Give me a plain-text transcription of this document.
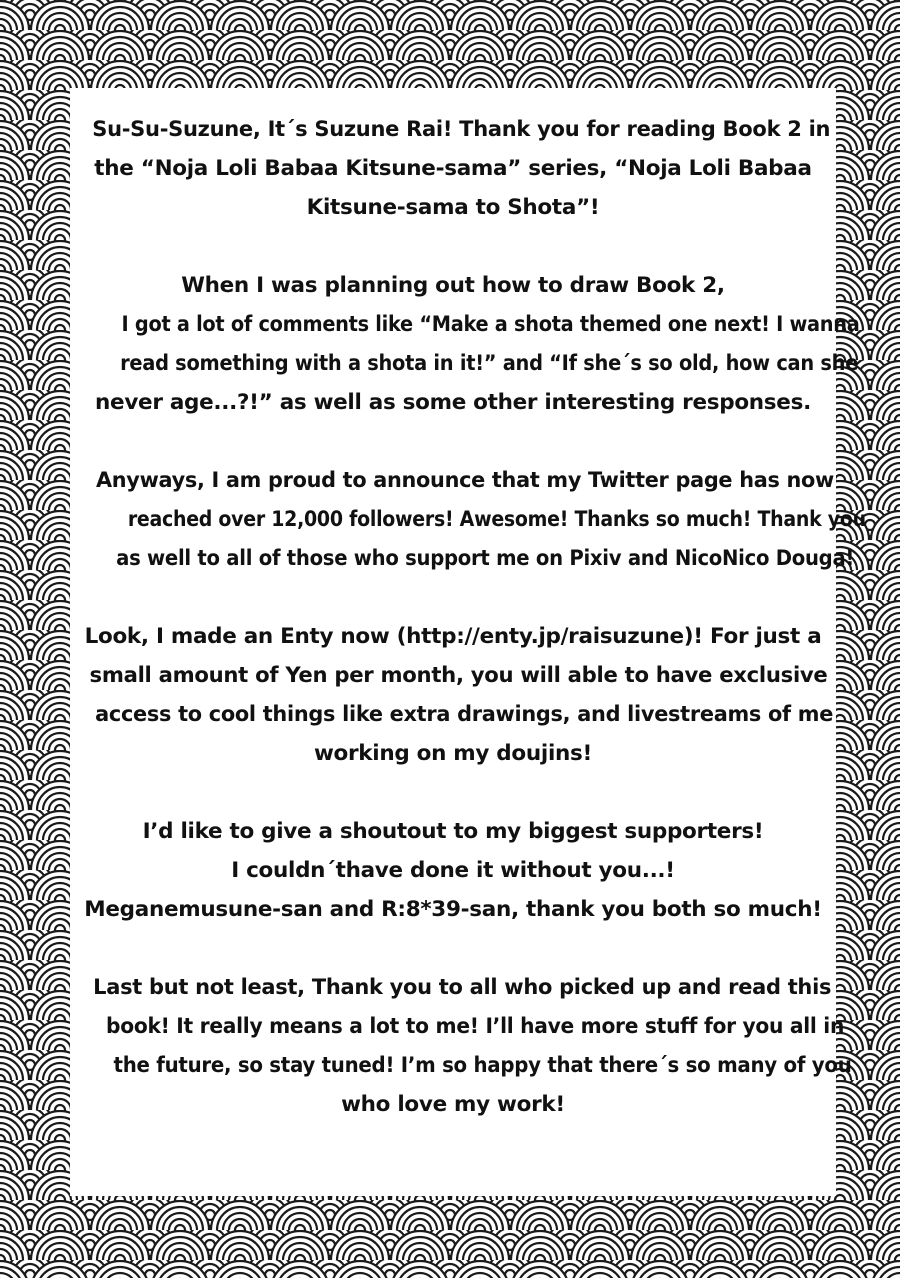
Su-Su-Suzune, It´s Suzune Rai! Thank you for reading Book 2 in
the “Noja Loli Babaa Kitsune-sama” series, “Noja Loli Babaa
Kitsune-sama to Shota”!
When I was planning out how to draw Book 2,
I got a lot of comments like “Make a shota themed one next! I wanna
read something with a shota in it!” and “If she´s so old, how can she
never age...?!” as well as some other interesting responses.
Anyways, I am proud to announce that my Twitter page has now
reached over 12,000 followers! Awesome! Thanks so much! Thank you
as well to all of those who support me on Pixiv and NicoNico Douga!
Look, I made an Enty now (http://enty.jp/raisuzune)! For just a
small amount of Yen per month, you will able to have exclusive
access to cool things like extra drawings, and livestreams of me
working on my doujins!
I’d like to give a shoutout to my biggest supporters!
I couldn´thave done it without you...!
Meganemusune-san and R:8*39-san, thank you both so much!
Last but not least, Thank you to all who picked up and read this
book! It really means a lot to me! I’ll have more stuff for you all in
the future, so stay tuned! I’m so happy that there´s so many of you
who love my work!
